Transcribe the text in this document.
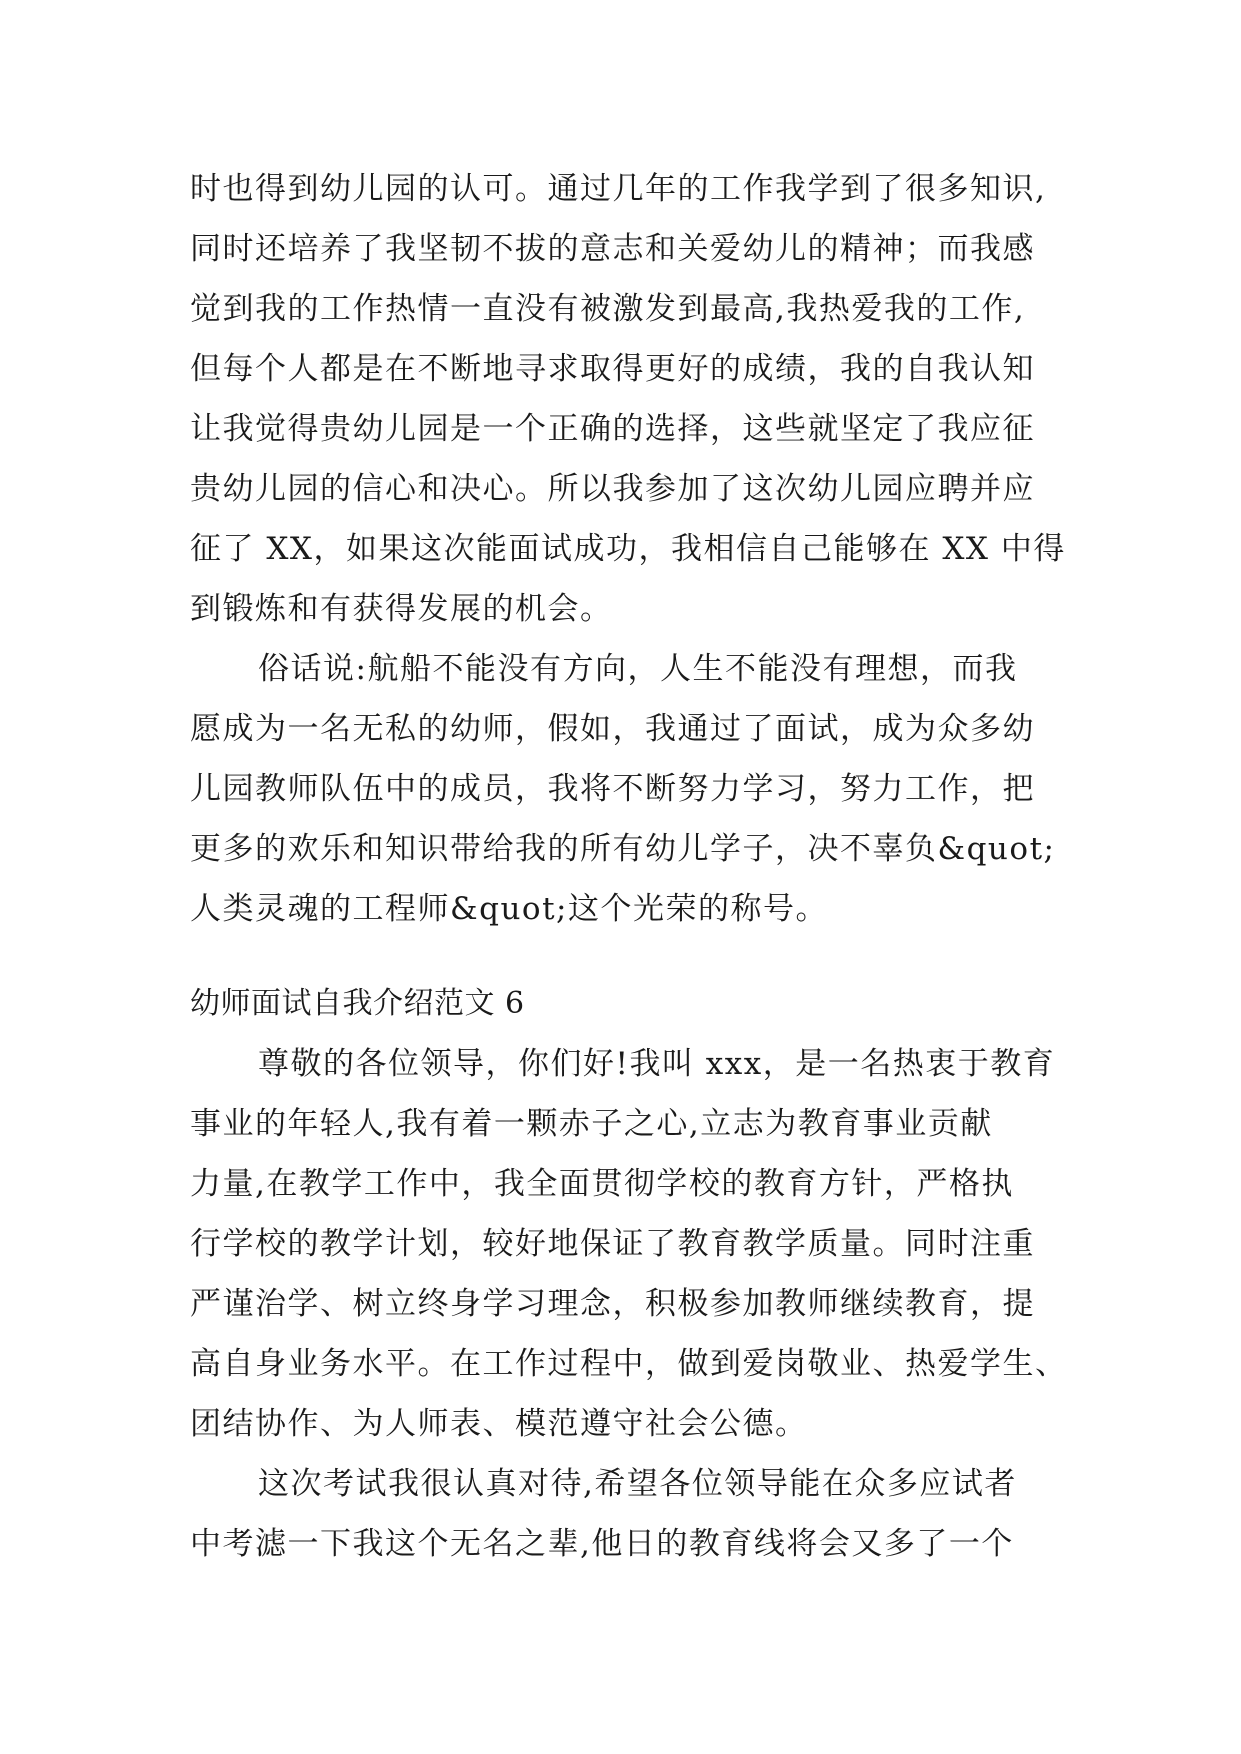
时也得到幼儿园的认可。通过几年的工作我学到了很多知识,
同时还培养了我坚韧不拔的意志和关爱幼儿的精神；而我感
觉到我的工作热情一直没有被激发到最高,我热爱我的工作,
但每个人都是在不断地寻求取得更好的成绩，我的自我认知
让我觉得贵幼儿园是一个正确的选择，这些就坚定了我应征
贵幼儿园的信心和决心。所以我参加了这次幼儿园应聘并应
征了 XX，如果这次能面试成功，我相信自己能够在 XX 中得
到锻炼和有获得发展的机会。
俗话说:航船不能没有方向，人生不能没有理想，而我
愿成为一名无私的幼师，假如，我通过了面试，成为众多幼
儿园教师队伍中的成员，我将不断努力学习，努力工作，把
更多的欢乐和知识带给我的所有幼儿学子，决不辜负&quot;
人类灵魂的工程师&quot;这个光荣的称号。
幼师面试自我介绍范文 6
尊敬的各位领导，你们好!我叫 xxx，是一名热衷于教育
事业的年轻人,我有着一颗赤子之心,立志为教育事业贡献
力量,在教学工作中，我全面贯彻学校的教育方针，严格执
行学校的教学计划，较好地保证了教育教学质量。同时注重
严谨治学、树立终身学习理念，积极参加教师继续教育，提
高自身业务水平。在工作过程中，做到爱岗敬业、热爱学生、
团结协作、为人师表、模范遵守社会公德。
这次考试我很认真对待,希望各位领导能在众多应试者
中考滤一下我这个无名之辈,他日的教育线将会又多了一个
